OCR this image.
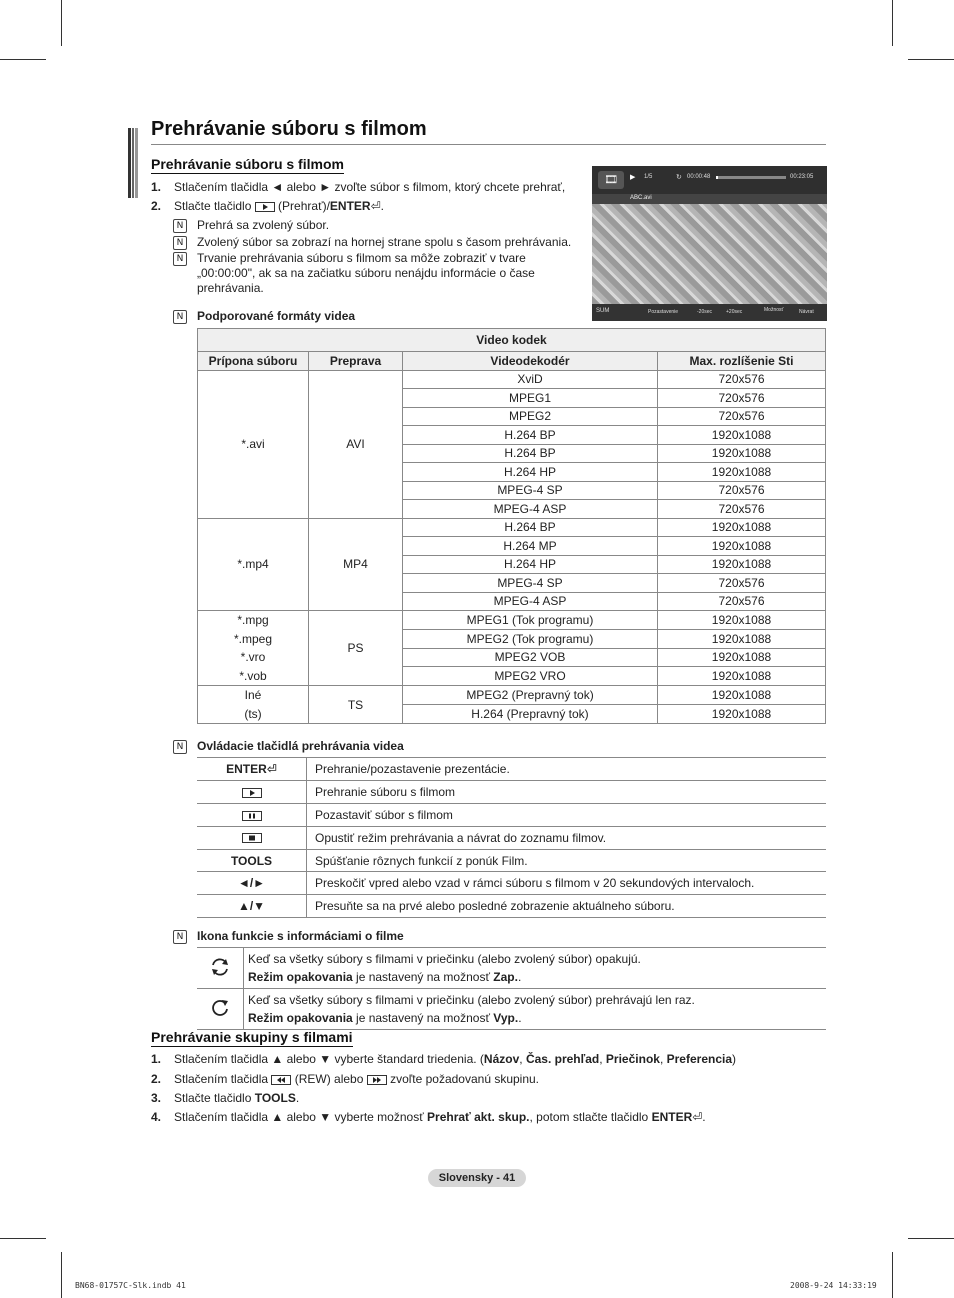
Prehrávanie súboru s filmom
Prehrávanie súboru s filmom
1. Stlačením tlačidla ◄ alebo ► zvoľte súbor s filmom, ktorý chcete prehrať,
2. Stlačte tlačidlo
(Prehrať)/ENTER⏎.
N	Prehrá sa zvolený súbor.
N	Zvolený súbor sa zobrazí na hornej strane spolu s časom prehrávania.
N	Trvanie prehrávania súboru s filmom sa môže zobraziť v tvare „00:00:00", ak sa na začiatku súboru nenájdu informácie o čase prehrávania.
🎞	▶ 1/5	↻ 00:00:48	00:23:05
ABC.avi
SUM	Pozastavenie	-20sec	+20sec	Možnosť	Návrat
N	Podporované formáty videa
Video kodek			
Prípona súboru	Prepravа	Videodekodér	Max. rozlíšenie Sti
*.avi	AVI	XviD	720x576
		MPEG1	720x576
		MPEG2	720x576
		H.264 BP	1920x1088
		H.264 BP	1920x1088
		H.264 HP	1920x1088
		MPEG-4 SP	720x576
		MPEG-4 ASP	720x576
*.mp4	MP4	H.264 BP	1920x1088
		H.264 MP	1920x1088
		H.264 HP	1920x1088
		MPEG-4 SP	720x576
		MPEG-4 ASP	720x576
*.mpg
*.mpeg
*.vro
*.vob	PS	MPEG1 (Tok programu)	1920x1088
		MPEG2 (Tok programu)	1920x1088
		MPEG2 VOB	1920x1088
		MPEG2 VRO	1920x1088
Iné
(ts)	TS	MPEG2 (Prepravný tok)	1920x1088
		H.264 (Prepravný tok)	1920x1088
N	Ovládacie tlačidlá prehrávania videa
ENTER⏎	Prehranie/pozastavenie prezentácie.

	Prehranie súboru s filmom

	Pozastaviť súbor s filmom

	Opustiť režim prehrávania a návrat do zoznamu filmov.
TOOLS	Spúšťanie rôznych funkcií z ponúk Film.
◄/►	Preskočiť vpred alebo vzad v rámci súboru s filmom v 20 sekundových intervaloch.
▲/▼	Presuňte sa na prvé alebo posledné zobrazenie aktuálneho súboru.
N	Ikona funkcie s informáciami o filme
	Keď sa všetky súbory s filmami v priečinku (alebo zvolený súbor) opakujú.
Režim opakovania je nastavený na možnosť Zap..
	Keď sa všetky súbory s filmami v priečinku (alebo zvolený súbor) prehrávajú len raz.
Režim opakovania je nastavený na možnosť Vyp..
Prehrávanie skupiny s filmami
1. Stlačením tlačidla ▲ alebo ▼ vyberte štandard triedenia. (Názov, Čas. prehľad, Priečinok, Preferencia)
2. Stlačením tlačidla
(REW) alebo
zvoľte požadovanú skupinu.
3. Stlačte tlačidlo TOOLS.
4. Stlačením tlačidla ▲ alebo ▼ vyberte možnosť Prehrať akt. skup., potom stlačte tlačidlo ENTER⏎.
Slovensky - 41
BN68-01757C-Slk.indb 41	2008-9-24 14:33:19
